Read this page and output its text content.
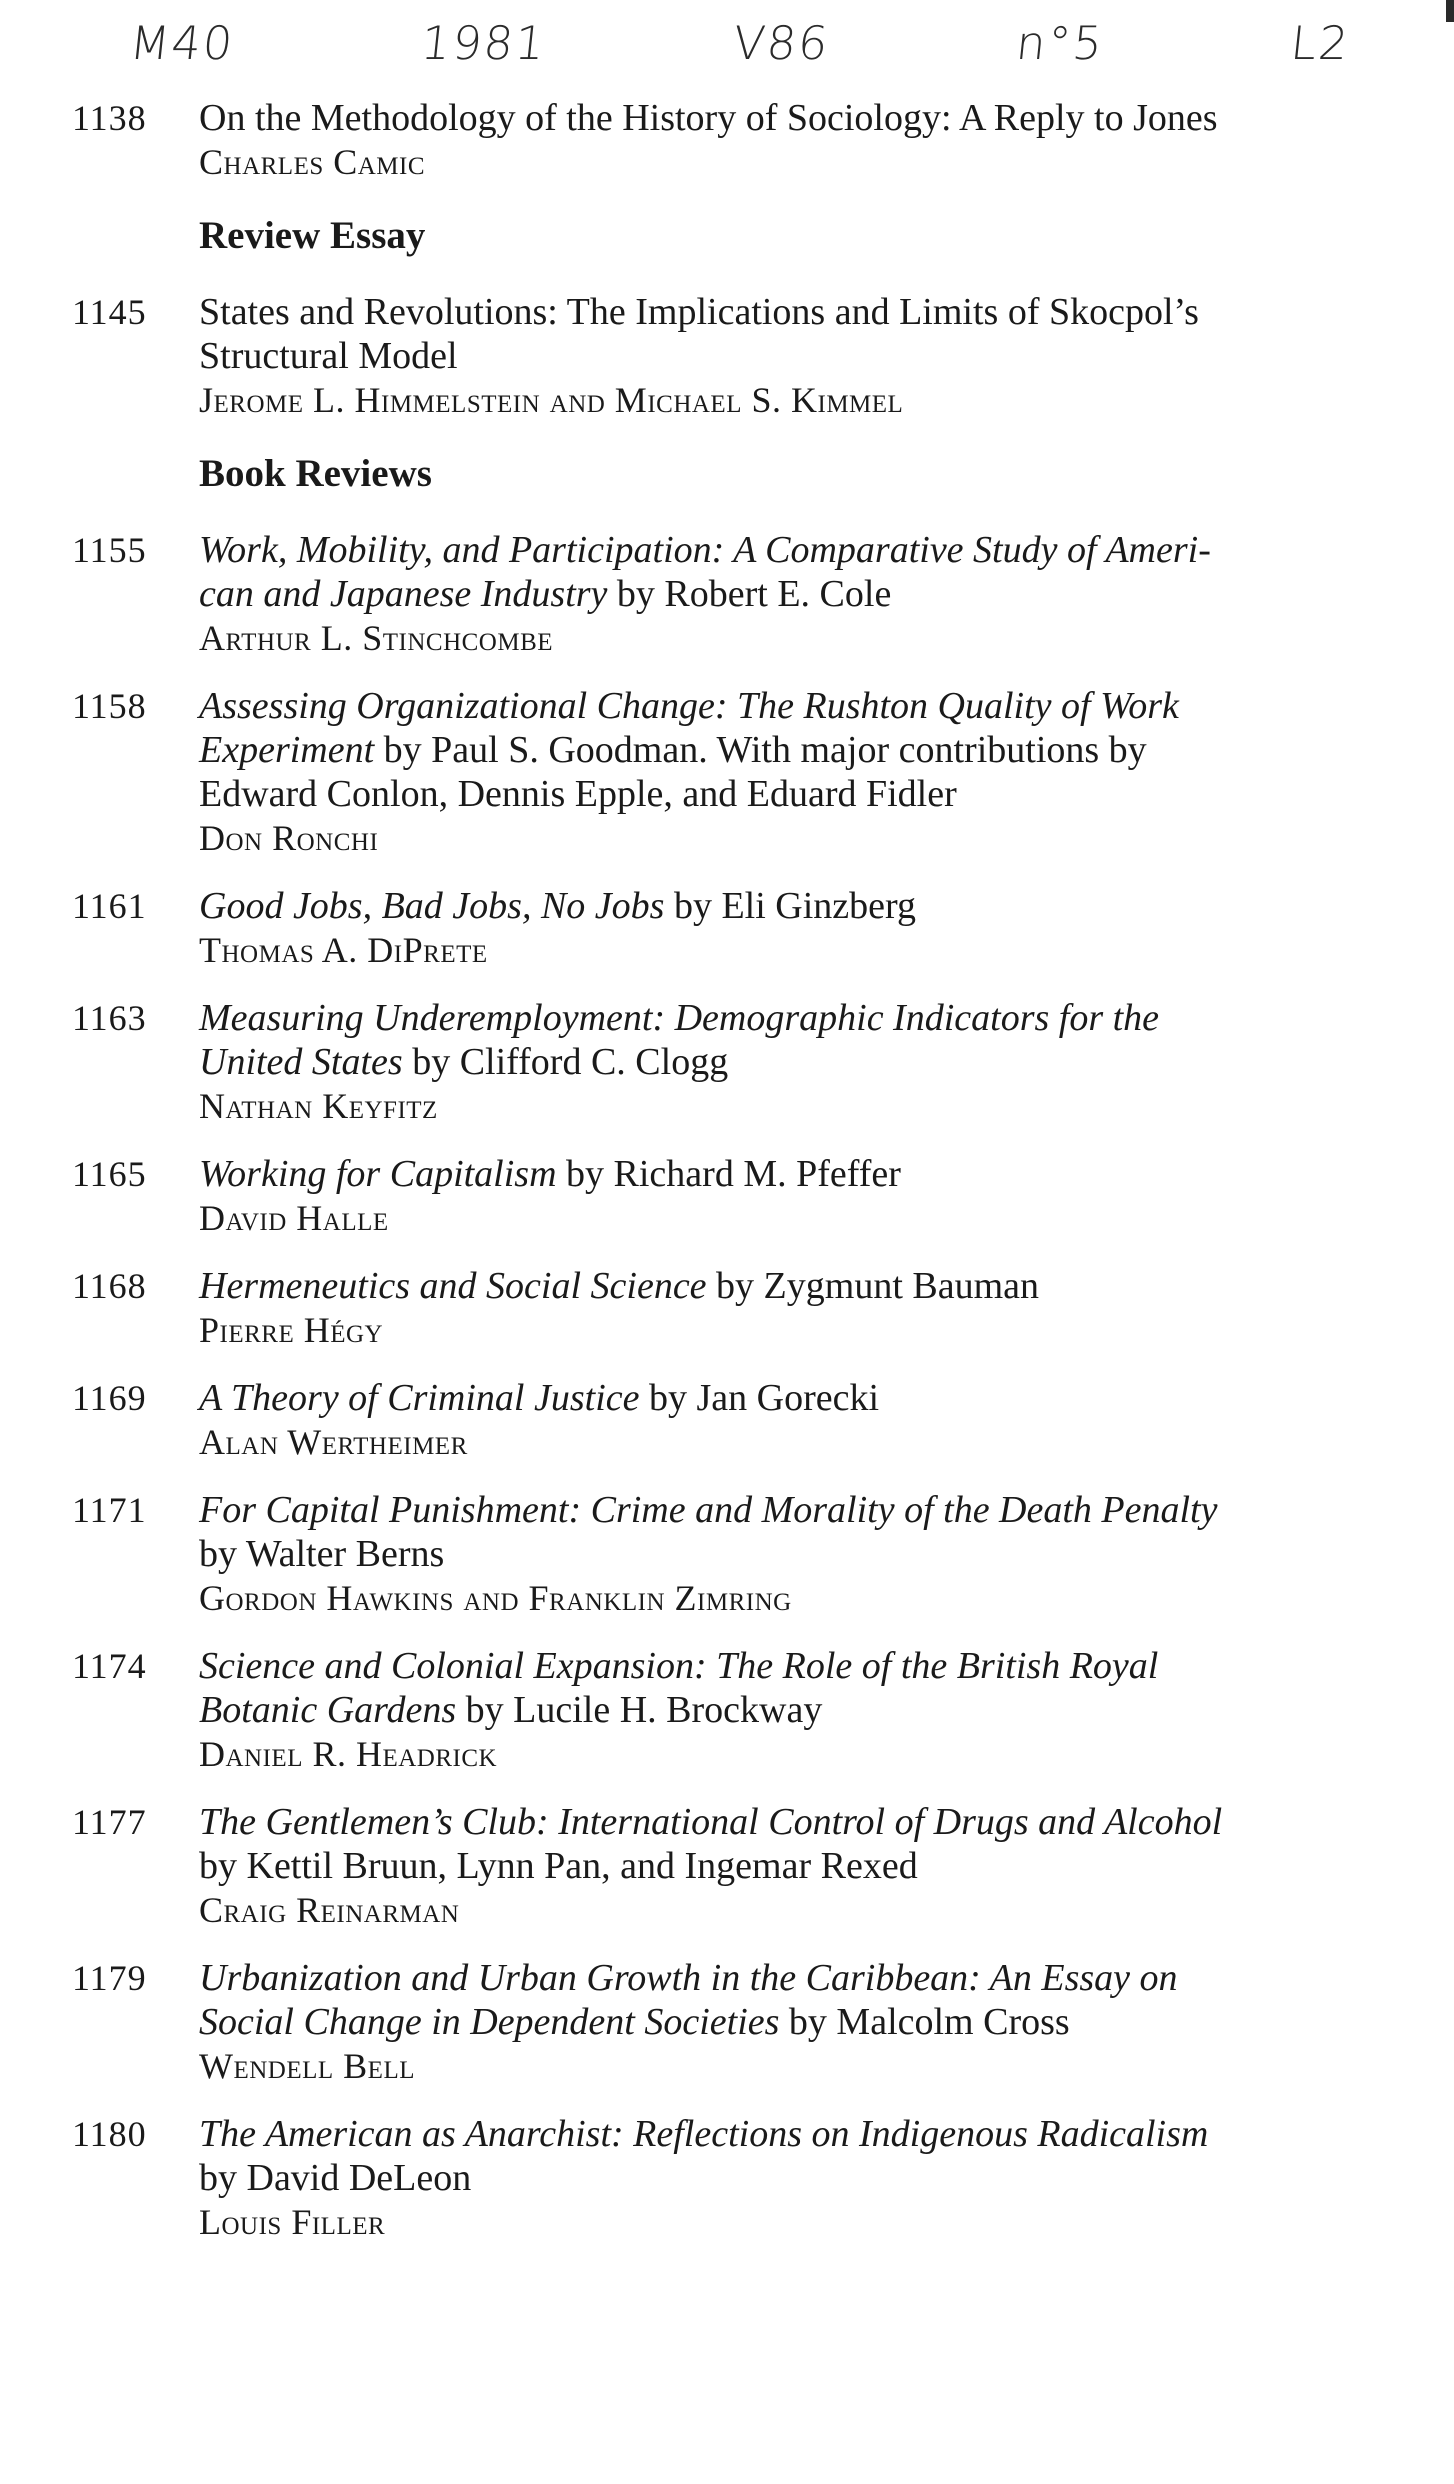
M40	1981	V86	n°5	L2
1138	On the Methodology of the History of Sociology: A Reply to Jones
Charles Camic
Review Essay
1145	States and Revolutions: The Implications and Limits of Skocpol’s
Structural Model
Jerome L. Himmelstein and Michael S. Kimmel
Book Reviews
1155	Work, Mobility, and Participation: A Comparative Study of Ameri-
can and Japanese Industry by Robert E. Cole
Arthur L. Stinchcombe
1158	Assessing Organizational Change: The Rushton Quality of Work
Experiment by Paul S. Goodman. With major contributions by
Edward Conlon, Dennis Epple, and Eduard Fidler
Don Ronchi
1161	Good Jobs, Bad Jobs, No Jobs by Eli Ginzberg
Thomas A. DiPrete
1163	Measuring Underemployment: Demographic Indicators for the
United States by Clifford C. Clogg
Nathan Keyfitz
1165	Working for Capitalism by Richard M. Pfeffer
David Halle
1168	Hermeneutics and Social Science by Zygmunt Bauman
Pierre Hégy
1169	A Theory of Criminal Justice by Jan Gorecki
Alan Wertheimer
1171	For Capital Punishment: Crime and Morality of the Death Penalty
by Walter Berns
Gordon Hawkins and Franklin Zimring
1174	Science and Colonial Expansion: The Role of the British Royal
Botanic Gardens by Lucile H. Brockway
Daniel R. Headrick
1177	The Gentlemen’s Club: International Control of Drugs and Alcohol
by Kettil Bruun, Lynn Pan, and Ingemar Rexed
Craig Reinarman
1179	Urbanization and Urban Growth in the Caribbean: An Essay on
Social Change in Dependent Societies by Malcolm Cross
Wendell Bell
1180	The American as Anarchist: Reflections on Indigenous Radicalism
by David DeLeon
Louis Filler
